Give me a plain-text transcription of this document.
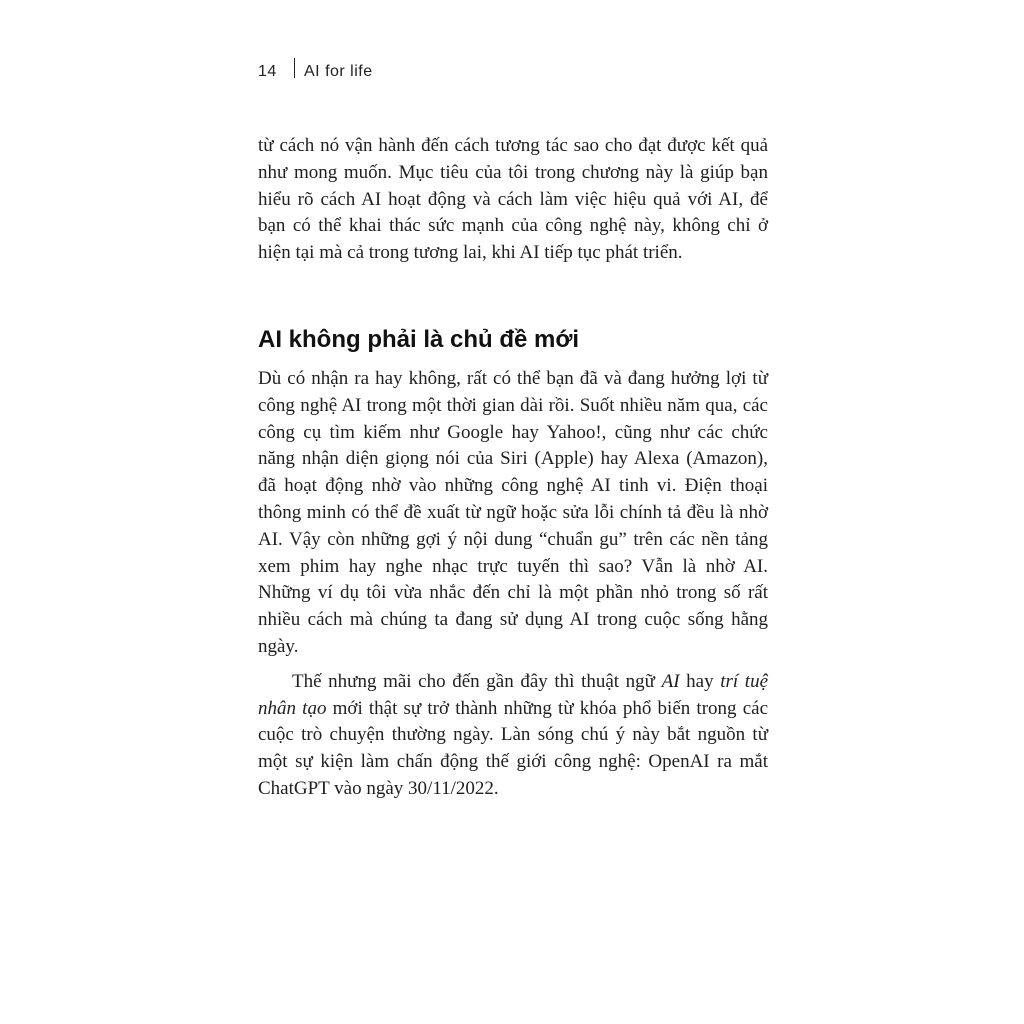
14	AI for life

từ cách nó vận hành đến cách tương tác sao cho đạt được kết quả như mong muốn. Mục tiêu của tôi trong chương này là giúp bạn hiểu rõ cách AI hoạt động và cách làm việc hiệu quả với AI, để bạn có thể khai thác sức mạnh của công nghệ này, không chỉ ở hiện tại mà cả trong tương lai, khi AI tiếp tục phát triển.

AI không phải là chủ đề mới

Dù có nhận ra hay không, rất có thể bạn đã và đang hưởng lợi từ công nghệ AI trong một thời gian dài rồi. Suốt nhiều năm qua, các công cụ tìm kiếm như Google hay Yahoo!, cũng như các chức năng nhận diện giọng nói của Siri (Apple) hay Alexa (Amazon), đã hoạt động nhờ vào những công nghệ AI tinh vi. Điện thoại thông minh có thể đề xuất từ ngữ hoặc sửa lỗi chính tả đều là nhờ AI. Vậy còn những gợi ý nội dung “chuẩn gu” trên các nền tảng xem phim hay nghe nhạc trực tuyến thì sao? Vẫn là nhờ AI. Những ví dụ tôi vừa nhắc đến chỉ là một phần nhỏ trong số rất nhiều cách mà chúng ta đang sử dụng AI trong cuộc sống hằng ngày.

Thế nhưng mãi cho đến gần đây thì thuật ngữ AI hay trí tuệ nhân tạo mới thật sự trở thành những từ khóa phổ biến trong các cuộc trò chuyện thường ngày. Làn sóng chú ý này bắt nguồn từ một sự kiện làm chấn động thế giới công nghệ: OpenAI ra mắt ChatGPT vào ngày 30/11/2022.
